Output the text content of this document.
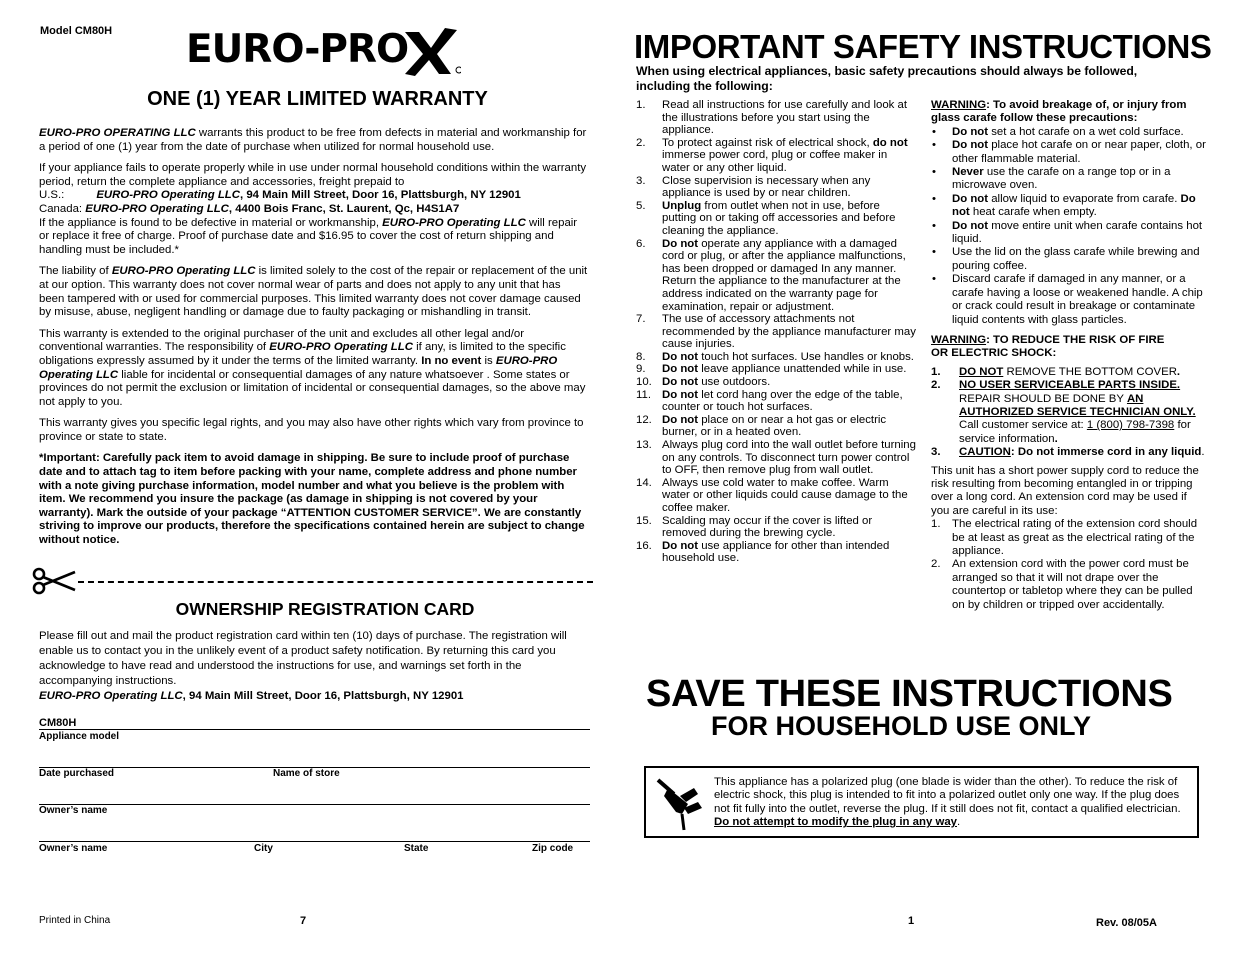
Model CM80H EURO-PRO
ONE (1) YEAR LIMITED WARRANTY

EURO-PRO OPERATING LLC warrants this product to be free from defects in material and workmanship for a period of one (1) year from the date of purchase when utilized for normal household use.

If your appliance fails to operate properly while in use under normal household conditions within the warranty period, return the complete appliance and accessories, freight prepaid to
U.S.:	EURO-PRO Operating LLC, 94 Main Mill Street, Door 16, Plattsburgh, NY 12901
Canada: EURO-PRO Operating LLC, 4400 Bois Franc, St. Laurent, Qc, H4S1A7
If the appliance is found to be defective in material or workmanship, EURO-PRO Operating LLC will repair or replace it free of charge. Proof of purchase date and $16.95 to cover the cost of return shipping and handling must be included.*

The liability of EURO-PRO Operating LLC is limited solely to the cost of the repair or replacement of the unit at our option. This warranty does not cover normal wear of parts and does not apply to any unit that has been tampered with or used for commercial purposes. This limited warranty does not cover damage caused by misuse, abuse, negligent handling or damage due to faulty packaging or mishandling in transit.

This warranty is extended to the original purchaser of the unit and excludes all other legal and/or conventional warranties. The responsibility of EURO-PRO Operating LLC if any, is limited to the specific obligations expressly assumed by it under the terms of the limited warranty. In no event is EURO-PRO Operating LLC liable for incidental or consequential damages of any nature whatsoever . Some states or provinces do not permit the exclusion or limitation of incidental or consequential damages, so the above may not apply to you.

This warranty gives you specific legal rights, and you may also have other rights which vary from province to province or state to state.

*Important: Carefully pack item to avoid damage in shipping. Be sure to include proof of purchase date and to attach tag to item before packing with your name, complete address and phone number with a note giving purchase information, model number and what you believe is the problem with item. We recommend you insure the package (as damage in shipping is not covered by your warranty). Mark the outside of your package “ATTENTION CUSTOMER SERVICE”. We are constantly striving to improve our products, therefore the specifications contained herein are subject to change without notice.

OWNERSHIP REGISTRATION CARD

Please fill out and mail the product registration card within ten (10) days of purchase. The registration will enable us to contact you in the unlikely event of a product safety notification. By returning this card you acknowledge to have read and understood the instructions for use, and warnings set forth in the accompanying instructions.

EURO-PRO Operating LLC, 94 Main Mill Street, Door 16, Plattsburgh, NY 12901

CM80H
Appliance model
Date purchased	Name of store
Owner’s name
Owner’s name	City	State	Zip code
Printed in China	7
IMPORTANT SAFETY INSTRUCTIONS
When using electrical appliances, basic safety precautions should always be followed, including the following:
1. Read all instructions for use carefully and look at the illustrations before you start using the appliance.
2. To protect against risk of electrical shock, do not immerse power cord, plug or coffee maker in water or any other liquid.
3. Close supervision is necessary when any appliance is used by or near children.
5. Unplug from outlet when not in use, before putting on or taking off accessories and before cleaning the appliance.
6. Do not operate any appliance with a damaged cord or plug, or after the appliance malfunctions, has been dropped or damaged In any manner. Return the appliance to the manufacturer at the address indicated on the warranty page for examination, repair or adjustment.
7. The use of accessory attachments not recommended by the appliance manufacturer may cause injuries.
8. Do not touch hot surfaces. Use handles or knobs.
9. Do not leave appliance unattended while in use.
10. Do not use outdoors.
11. Do not let cord hang over the edge of the table, counter or touch hot surfaces.
12. Do not place on or near a hot gas or electric burner, or in a heated oven.
13. Always plug cord into the wall outlet before turning on any controls. To disconnect turn power control to OFF, then remove plug from wall outlet.
14. Always use cold water to make coffee. Warm water or other liquids could cause damage to the coffee maker.
15. Scalding may occur if the cover is lifted or removed during the brewing cycle.
16. Do not use appliance for other than intended household use.

WARNING: To avoid breakage of, or injury from glass carafe follow these precautions:

• Do not set a hot carafe on a wet cold surface.
• Do not place hot carafe on or near paper, cloth, or other flammable material.
• Never use the carafe on a range top or in a microwave oven.
• Do not allow liquid to evaporate from carafe. Do not heat carafe when empty.
• Do not move entire unit when carafe contains hot liquid.
• Use the lid on the glass carafe while brewing and pouring coffee.
• Discard carafe if damaged in any manner, or a carafe having a loose or weakened handle. A chip or crack could result in breakage or contaminate liquid contents with glass particles.

WARNING: TO REDUCE THE RISK OF FIRE OR ELECTRIC SHOCK:

1. DO NOT REMOVE THE BOTTOM COVER.
2. NO USER SERVICEABLE PARTS INSIDE. REPAIR SHOULD BE DONE BY AN AUTHORIZED SERVICE TECHNICIAN ONLY. Call customer service at: 1 (800) 798-7398 for service information.
3. CAUTION: Do not immerse cord in any liquid.

This unit has a short power supply cord to reduce the risk resulting from becoming entangled in or tripping over a long cord. An extension cord may be used if you are careful in its use:

1. The electrical rating of the extension cord should be at least as great as the electrical rating of the appliance.
2. An extension cord with the power cord must be arranged so that it will not drape over the countertop or tabletop where they can be pulled on by children or tripped over accidentally.
SAVE THESE INSTRUCTIONS
FOR HOUSEHOLD USE ONLY

This appliance has a polarized plug (one blade is wider than the other). To reduce the risk of electric shock, this plug is intended to fit into a polarized outlet only one way. If the plug does not fit fully into the outlet, reverse the plug. If it still does not fit, contact a qualified electrician. Do not attempt to modify the plug in any way.

1	Rev. 08/05A
